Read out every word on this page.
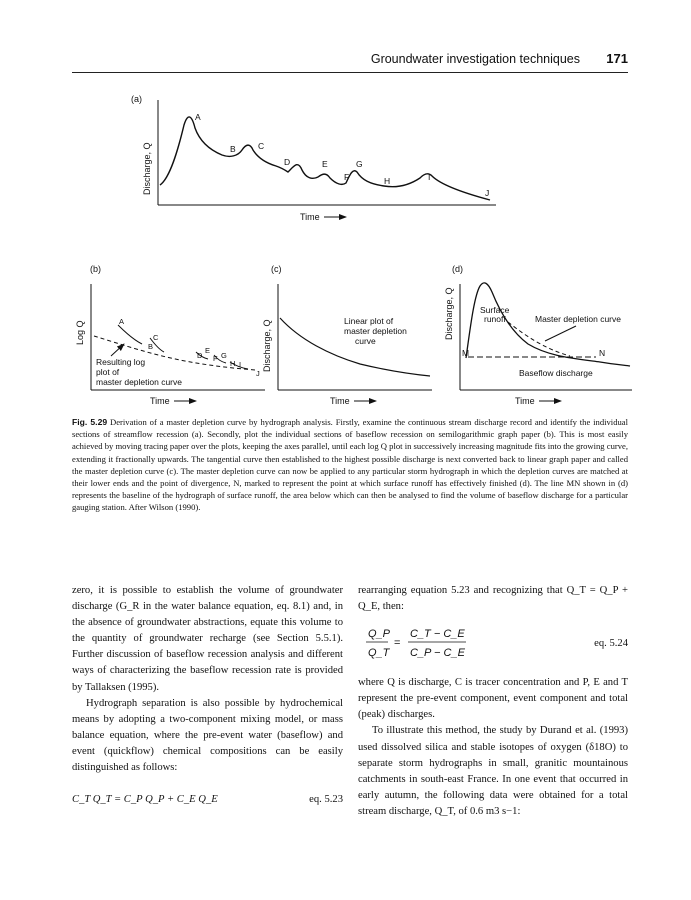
Groundwater investigation techniques 171
(a)
Discharge, Q
Time
A
B	C
D	E
F
G
H	I
J
(b)
Log Q
Time
A
B
C
D
E
F G
H I
J
Resulting log
plot of
master depletion curve
(c)
Discharge, Q
Time
Linear plot of
master depletion
curve
(d)
Discharge, Q
Time
Surface
runoff	Master depletion curve
Baseflow discharge
M	N
Fig. 5.29 Derivation of a master depletion curve by hydrograph analysis. Firstly, examine the continuous stream discharge record and identify the individual sections of streamflow recession (a). Secondly, plot the individual sections of baseflow recession on semilogarithmic graph paper (b). This is most easily achieved by moving tracing paper over the plots, keeping the axes parallel, until each log Q plot in successively increasing magnitude fits into the growing curve, extending it fractionally upwards. The tangential curve then established to the highest possible discharge is next converted back to linear graph paper and called the master depletion curve (c). The master depletion curve can now be applied to any particular storm hydrograph in which the depletion curves are matched at their lower ends and the point of divergence, N, marked to represent the point at which surface runoff has effectively finished (d). The line MN shown in (d) represents the baseline of the hydrograph of surface runoff, the area below which can then be analysed to find the volume of baseflow discharge for a particular gauging station. After Wilson (1990).

zero, it is possible to establish the volume of groundwater discharge (G_R in the water balance equation, eq. 8.1) and, in the absence of groundwater abstractions, equate this volume to the quantity of groundwater recharge (see Section 5.5.1). Further discussion of baseflow recession analysis and different ways of characterizing the baseflow recession rate is provided by Tallaksen (1995).

Hydrograph separation is also possible by hydrochemical means by adopting a two-component mixing model, or mass balance equation, where the pre-event water (baseflow) and event (quickflow) chemical compositions can be easily distinguished as follows:

C_T Q_T = C_P Q_P + C_E Q_E	eq. 5.23

rearranging equation 5.23 and recognizing that Q_T = Q_P + Q_E, then:

Q_P
Q_T
=
C_T − C_E
C_P − C_E
eq. 5.24

where Q is discharge, C is tracer concentration and P, E and T represent the pre-event component, event component and total (peak) discharges.

To illustrate this method, the study by Durand et al. (1993) used dissolved silica and stable isotopes of oxygen (δ18O) to separate storm hydrographs in small, granitic mountainous catchments in south-east France. In one event that occurred in early autumn, the following data were obtained for a total stream discharge, Q_T, of 0.6 m3 s−1:
